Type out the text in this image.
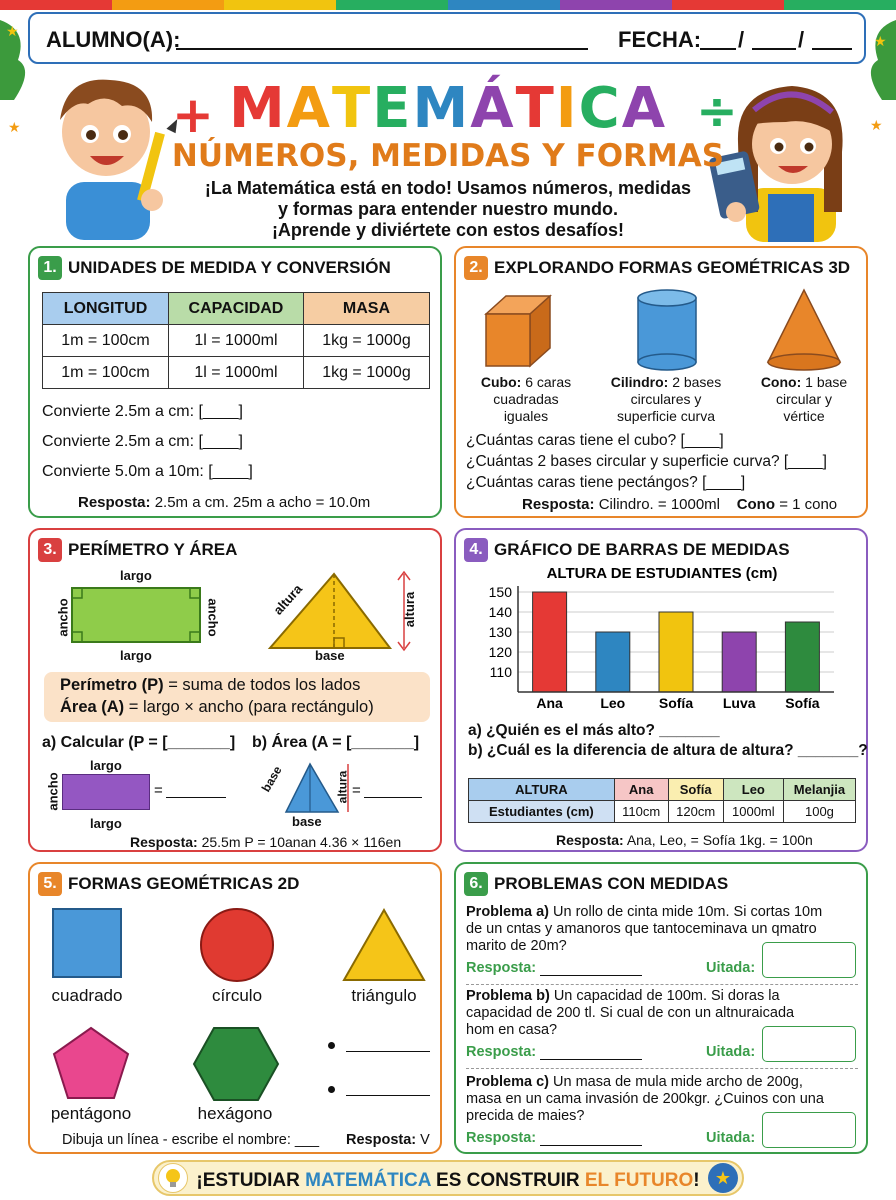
★
★
★
★
ALUMNO(A):	FECHA: / /
+	÷
MATEMÁTICA
NÚMEROS, MEDIDAS Y FORMAS
¡La Matemática está en todo! Usamos números, medidas
y formas para entender nuestro mundo.
¡Aprende y diviértete con estos desafíos!
1. UNIDADES DE MEDIDA Y CONVERSIÓN
LONGITUD	CAPACIDAD	MASA
1m = 100cm	1l = 1000ml	1kg = 1000g
1m = 100cm	1l = 1000ml	1kg = 1000g
Convierte 2.5m a cm: [____]
Convierte 2.5m a cm: [____]
Convierte 5.0m a 10m: [____]
Resposta: 2.5m a cm. 25m a acho = 10.0m
2. EXPLORANDO FORMAS GEOMÉTRICAS 3D
Cubo: 6 caras
cuadradas
iguales
Cilindro: 2 bases
circulares y
superficie curva
Cono: 1 base
circular y
vértice
¿Cuántas caras tiene el cubo? [____]
¿Cuántas 2 bases circular y superficie curva? [____]
¿Cuántas caras tiene pectángos? [____]
Resposta: Cilindro. = 1000ml Cono = 1 cono
3. PERÍMETRO Y ÁREA
largo
largo
ancho	ancho	altura	altura
base
Perímetro (P) = suma de todos los lados
Área (A) = largo × ancho (para rectángulo)
a) Calcular (P = [_______] b) Área (A = [_______]
largo
largo
ancho	=	base
base
altura =
Resposta: 25.5m P = 10anan 4.36 × 116en
4. GRÁFICO DE BARRAS DE MEDIDAS
ALTURA DE ESTUDIANTES (cm)
110
120
130
140
150
Ana	Leo Sofía Luva Sofía
a) ¿Quién es el más alto? _______
b) ¿Cuál es la diferencia de altura de altura? _______?
ALTURA	Ana	Sofía	Leo	Melanjia
Estudiantes (cm)	110cm	120cm	1000ml	100g
Resposta: Ana, Leo, = Sofía 1kg. = 100n
5. FORMAS GEOMÉTRICAS 2D
cuadrado	círculo	triángulo
pentágono	hexágono
Dibuja un línea - escribe el nombre: ___ Resposta: V
6. PROBLEMAS CON MEDIDAS
Problema a) Un rollo de cinta mide 10m. Si cortas 10m
de un cntas y amanoros que tantoceminava un qmatro
marito de 20m?
Resposta:	Uitada:
Problema b) Un capacidad de 100m. Si doras la
capacidad de 200 tl. Si cual de con un altnuraicada
hom en casa?
Resposta:	Uitada:
Problema c) Un masa de mula mide archo de 200g,
masa en un cama invasión de 200kgr. ¿Cuinos con una
precida de maies?
Resposta:	Uitada:
¡ESTUDIAR MATEMÁTICA ES CONSTRUIR EL FUTURO! ★
